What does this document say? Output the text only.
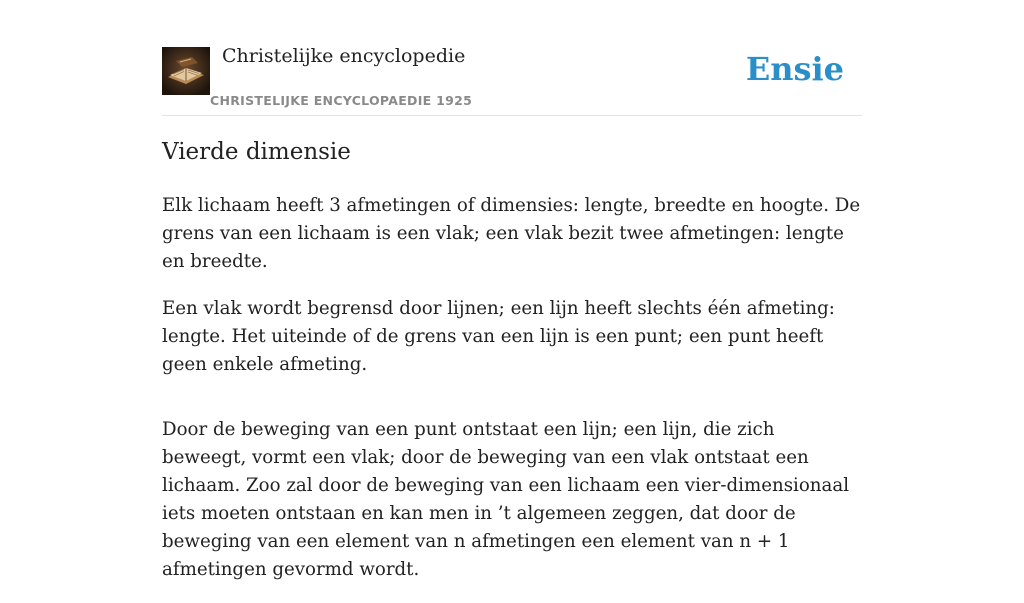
Christelijke encyclopedie
CHRISTELIJKE ENCYCLOPAEDIE 1925
Ensie
Vierde dimensie

Elk lichaam heeft 3 afmetingen of dimensies: lengte, breedte en hoogte. De grens van een lichaam is een vlak; een vlak bezit twee afmetingen: lengte en breedte.

Een vlak wordt begrensd door lijnen; een lijn heeft slechts één afmeting: lengte. Het uiteinde of de grens van een lijn is een punt; een punt heeft geen enkele afmeting.

Door de beweging van een punt ontstaat een lijn; een lijn, die zich beweegt, vormt een vlak; door de beweging van een vlak ontstaat een lichaam. Zoo zal door de beweging van een lichaam een vier-dimensionaal iets moeten ontstaan en kan men in ’t algemeen zeggen, dat door de beweging van een element van n afmetingen een element van n + 1 afmetingen gevormd wordt.
